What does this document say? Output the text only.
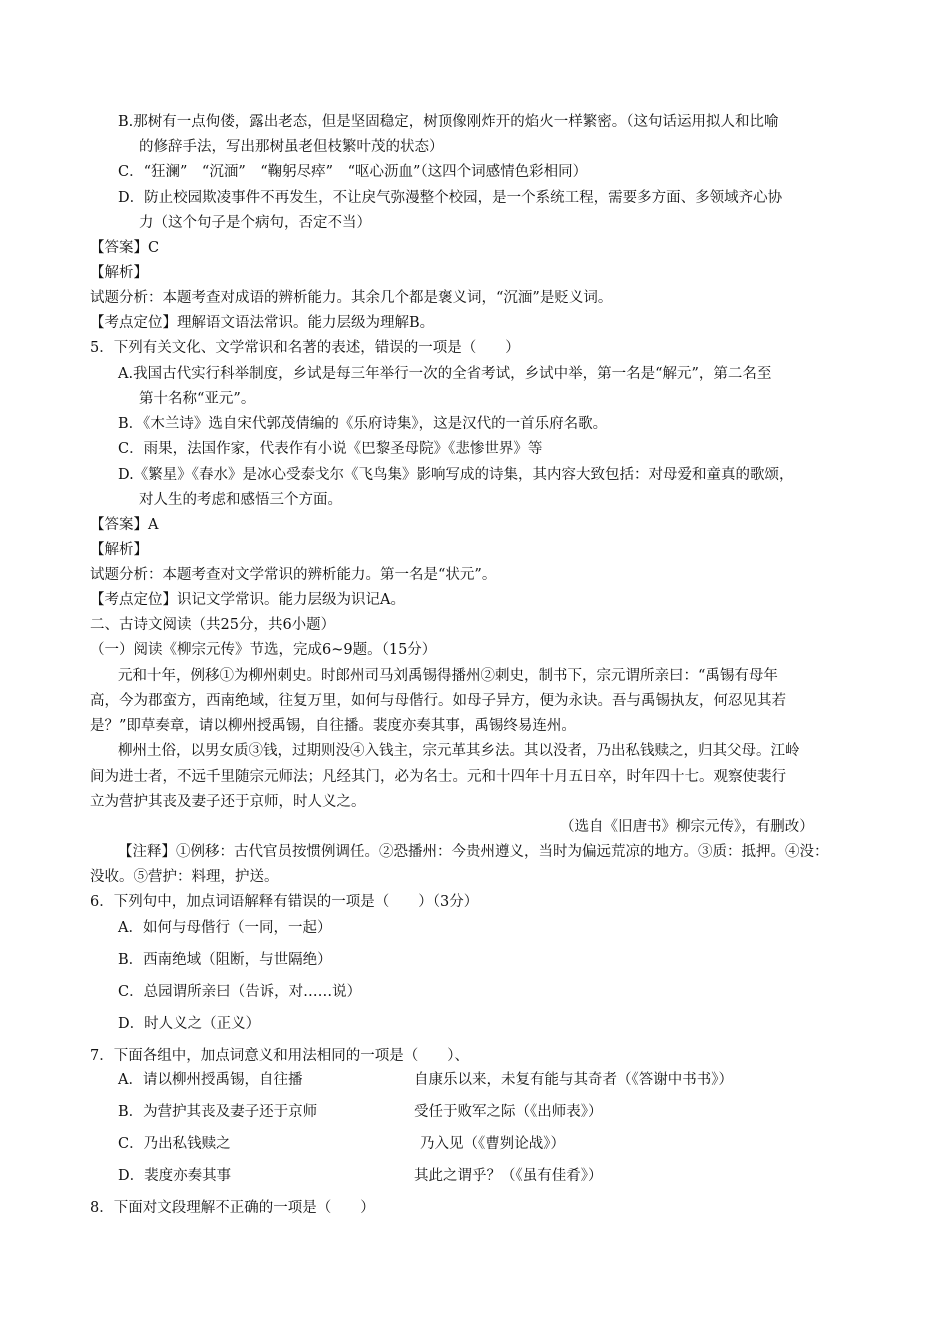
B.那树有一点佝偻，露出老态，但是坚固稳定，树顶像刚炸开的焰火一样繁密。（这句话运用拟人和比喻
的修辞手法，写出那树虽老但枝繁叶茂的状态）
C．“狂澜”　“沉湎”　“鞠躬尽瘁”　“呕心沥血”（这四个词感情色彩相同）
D．防止校园欺凌事件不再发生，不让戾气弥漫整个校园，是一个系统工程，需要多方面、多领域齐心协
力（这个句子是个病句，否定不当）
【答案】C
【解析】
试题分析：本题考查对成语的辨析能力。其余几个都是褒义词，“沉湎”是贬义词。
【考点定位】理解语文语法常识。能力层级为理解B。
5．下列有关文化、文学常识和名著的表述，错误的一项是（　　）
A.我国古代实行科举制度，乡试是每三年举行一次的全省考试，乡试中举，第一名是“解元”，第二名至
第十名称“亚元”。
B．《木兰诗》选自宋代郭茂倩编的《乐府诗集》，这是汉代的一首乐府名歌。
C．雨果，法国作家，代表作有小说《巴黎圣母院》《悲惨世界》等
D.《繁星》《春水》是冰心受泰戈尔《飞鸟集》影响写成的诗集，其内容大致包括：对母爱和童真的歌颂，
对人生的考虑和感悟三个方面。
【答案】A
【解析】
试题分析：本题考查对文学常识的辨析能力。第一名是“状元”。
【考点定位】识记文学常识。能力层级为识记A。
二、古诗文阅读（共25分，共6小题）
（一）阅读《柳宗元传》节选，完成6~9题。（15分）
元和十年，例移①为柳州刺史。时郎州司马刘禹锡得播州②刺史，制书下，宗元谓所亲曰：“禹锡有母年
高，今为郡蛮方，西南绝域，往复万里，如何与母偕行。如母子异方，便为永诀。吾与禹锡执友，何忍见其若
是？”即草奏章，请以柳州授禹锡，自往播。裴度亦奏其事，禹锡终易连州。
柳州土俗，以男女质③钱，过期则没④入钱主，宗元革其乡法。其以没者，乃出私钱赎之，归其父母。江岭
间为进士者，不远千里随宗元师法；凡经其门，必为名士。元和十四年十月五日卒，时年四十七。观察使裴行
立为营护其丧及妻子还于京师，时人义之。
（选自《旧唐书》柳宗元传》，有删改）
【注释】①例移：古代官员按惯例调任。②恐播州：今贵州遵义，当时为偏远荒凉的地方。③质：抵押。④没：
没收。⑤营护：料理，护送。
6．下列句中，加点词语解释有错误的一项是（　　）（3分）
A．如何与母偕行（一同，一起）
B．西南绝域（阻断，与世隔绝）
C．总园谓所亲曰（告诉，对……说）
D．时人义之（正义）
7．下面各组中，加点词意义和用法相同的一项是（　　）、
A．请以柳州授禹锡，自往播	自康乐以来，未复有能与其奇者（《答谢中书书》）
B．为营护其丧及妻子还于京师	受任于败军之际（《出师表》）
C．乃出私钱赎之	乃入见（《曹刿论战》）
D．裴度亦奏其事	其此之谓乎？（《虽有佳肴》）
8．下面对文段理解不正确的一项是（　　）
